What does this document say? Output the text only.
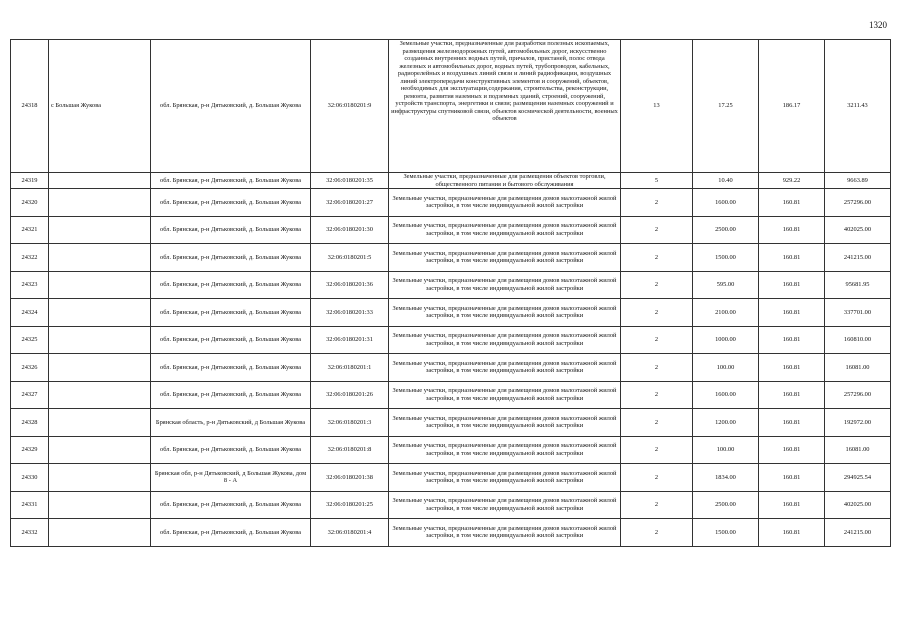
1320
24318	с Большая Жукова	обл. Брянская, р-н Дятьковский, д. Большая Жукова	32:06:0180201:9	Земельные участки, предназначенные для разработки полезных ископаемых, размещения железнодорожных путей, автомобильных дорог, искусственно созданных внутренних водных путей, причалов, пристаней, полос отвода железных и автомобильных дорог, водных путей, трубопроводов, кабельных, радиорелейных и воздушных линий связи и линий радиофикации, воздушных линий электропередачи конструктивных элементов и сооружений, объектов, необходимых для эксплуатации,содержания, строительства, реконструкции, ремонта, развития наземных и подземных зданий, строений, сооружений, устройств транспорта, энергетики и связи; размещения наземных сооружений и инфраструктуры спутниковой связи, объектов космической деятельности, военных объектов	13	17.25	186.17	3211.43
24319		обл. Брянская, р-н Дятьковский, д. Большая Жукова	32:06:0180201:35	Земельные участки, предназначенные для размещения объектов торговли, общественного питания и бытового обслуживания	5	10.40	929.22	9663.89
24320		обл. Брянская, р-н Дятьковский, д. Большая Жукова	32:06:0180201:27	Земельные участки, предназначенные для размещения домов малоэтажной жилой застройки, в том числе индивидуальной жилой застройки	2	1600.00	160.81	257296.00
24321		обл. Брянская, р-н Дятьковский, д. Большая Жукова	32:06:0180201:30	Земельные участки, предназначенные для размещения домов малоэтажной жилой застройки, в том числе индивидуальной жилой застройки	2	2500.00	160.81	402025.00
24322		обл. Брянская, р-н Дятьковский, д. Большая Жукова	32:06:0180201:5	Земельные участки, предназначенные для размещения домов малоэтажной жилой застройки, в том числе индивидуальной жилой застройки	2	1500.00	160.81	241215.00
24323		обл. Брянская, р-н Дятьковский, д. Большая Жукова	32:06:0180201:36	Земельные участки, предназначенные для размещения домов малоэтажной жилой застройки, в том числе индивидуальной жилой застройки	2	595.00	160.81	95681.95
24324		обл. Брянская, р-н Дятьковский, д. Большая Жукова	32:06:0180201:33	Земельные участки, предназначенные для размещения домов малоэтажной жилой застройки, в том числе индивидуальной жилой застройки	2	2100.00	160.81	337701.00
24325		обл. Брянская, р-н Дятьковский, д. Большая Жукова	32:06:0180201:31	Земельные участки, предназначенные для размещения домов малоэтажной жилой застройки, в том числе индивидуальной жилой застройки	2	1000.00	160.81	160810.00
24326		обл. Брянская, р-н Дятьковский, д. Большая Жукова	32:06:0180201:1	Земельные участки, предназначенные для размещения домов малоэтажной жилой застройки, в том числе индивидуальной жилой застройки	2	100.00	160.81	16081.00
24327		обл. Брянская, р-н Дятьковский, д. Большая Жукова	32:06:0180201:26	Земельные участки, предназначенные для размещения домов малоэтажной жилой застройки, в том числе индивидуальной жилой застройки	2	1600.00	160.81	257296.00
24328		Брянская область, р-н Дятьковский, д Большая Жукова	32:06:0180201:3	Земельные участки, предназначенные для размещения домов малоэтажной жилой застройки, в том числе индивидуальной жилой застройки	2	1200.00	160.81	192972.00
24329		обл. Брянская, р-н Дятьковский, д. Большая Жукова	32:06:0180201:8	Земельные участки, предназначенные для размещения домов малоэтажной жилой застройки, в том числе индивидуальной жилой застройки	2	100.00	160.81	16081.00
24330		Брянская обл, р-н Дятьковский, д Большая Жукова, дом 8 - А	32:06:0180201:38	Земельные участки, предназначенные для размещения домов малоэтажной жилой застройки, в том числе индивидуальной жилой застройки	2	1834.00	160.81	294925.54
24331		обл. Брянская, р-н Дятьковский, д. Большая Жукова	32:06:0180201:25	Земельные участки, предназначенные для размещения домов малоэтажной жилой застройки, в том числе индивидуальной жилой застройки	2	2500.00	160.81	402025.00
24332		обл. Брянская, р-н Дятьковский, д. Большая Жукова	32:06:0180201:4	Земельные участки, предназначенные для размещения домов малоэтажной жилой застройки, в том числе индивидуальной жилой застройки	2	1500.00	160.81	241215.00
